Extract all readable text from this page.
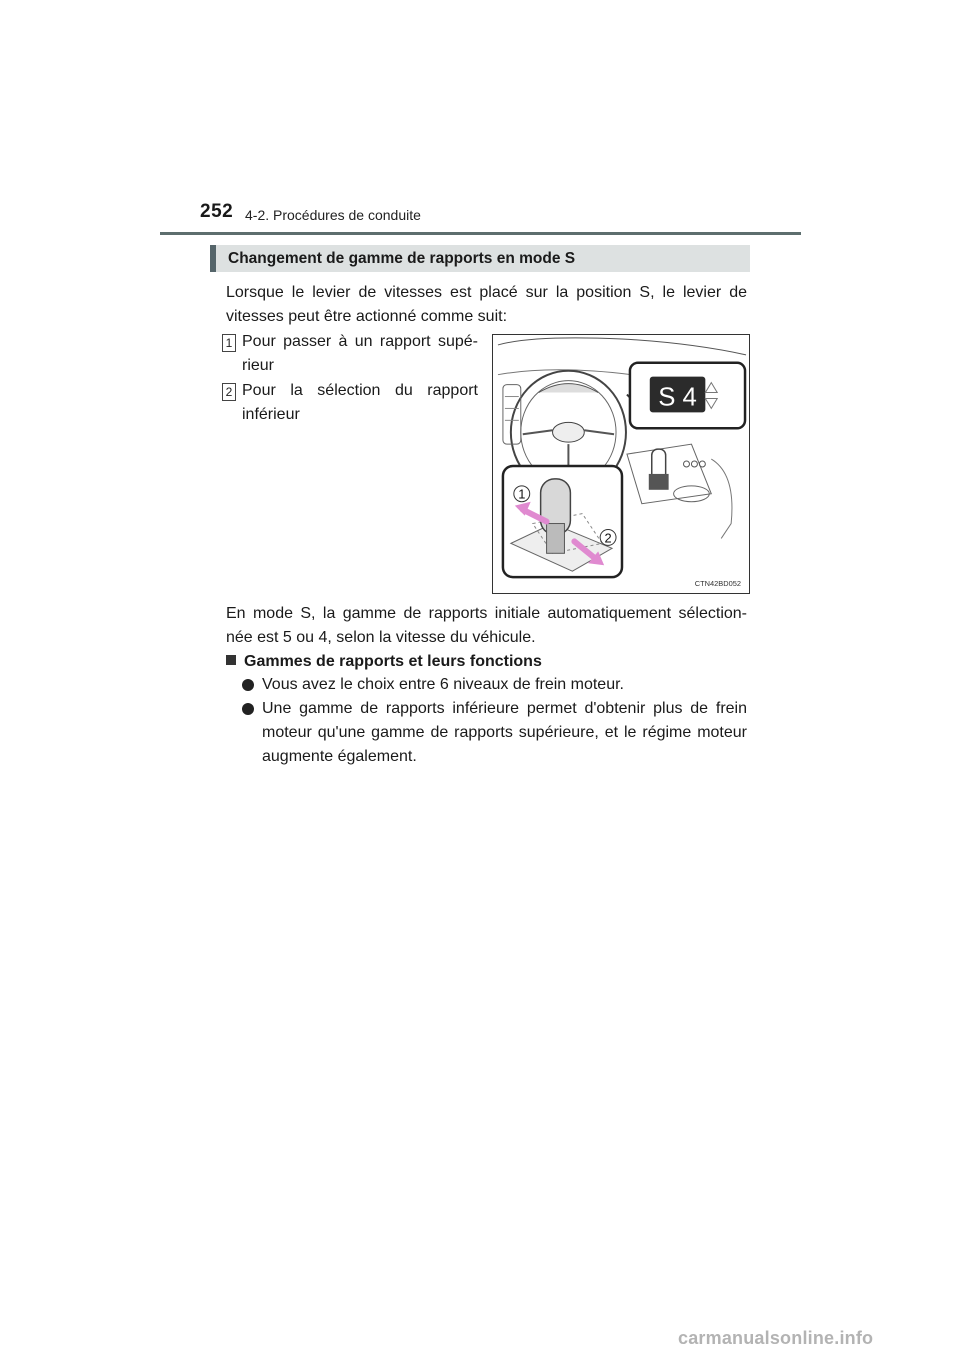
252 4-2. Procédures de conduite
Changement de gamme de rapports en mode S
Lorsque le levier de vitesses est placé sur la position S, le levier de vitesses peut être actionné comme suit:
1 Pour passer à un rapport supé- rieur
2 Pour la sélection du rapport inférieur
S 4
1
2
CTN42BD052
En mode S, la gamme de rapports initiale automatiquement sélection- née est 5 ou 4, selon la vitesse du véhicule.
Gammes de rapports et leurs fonctions
Vous avez le choix entre 6 niveaux de frein moteur.
Une gamme de rapports inférieure permet d'obtenir plus de frein moteur qu'une gamme de rapports supérieure, et le régime moteur augmente également.
carmanualsonline.info
